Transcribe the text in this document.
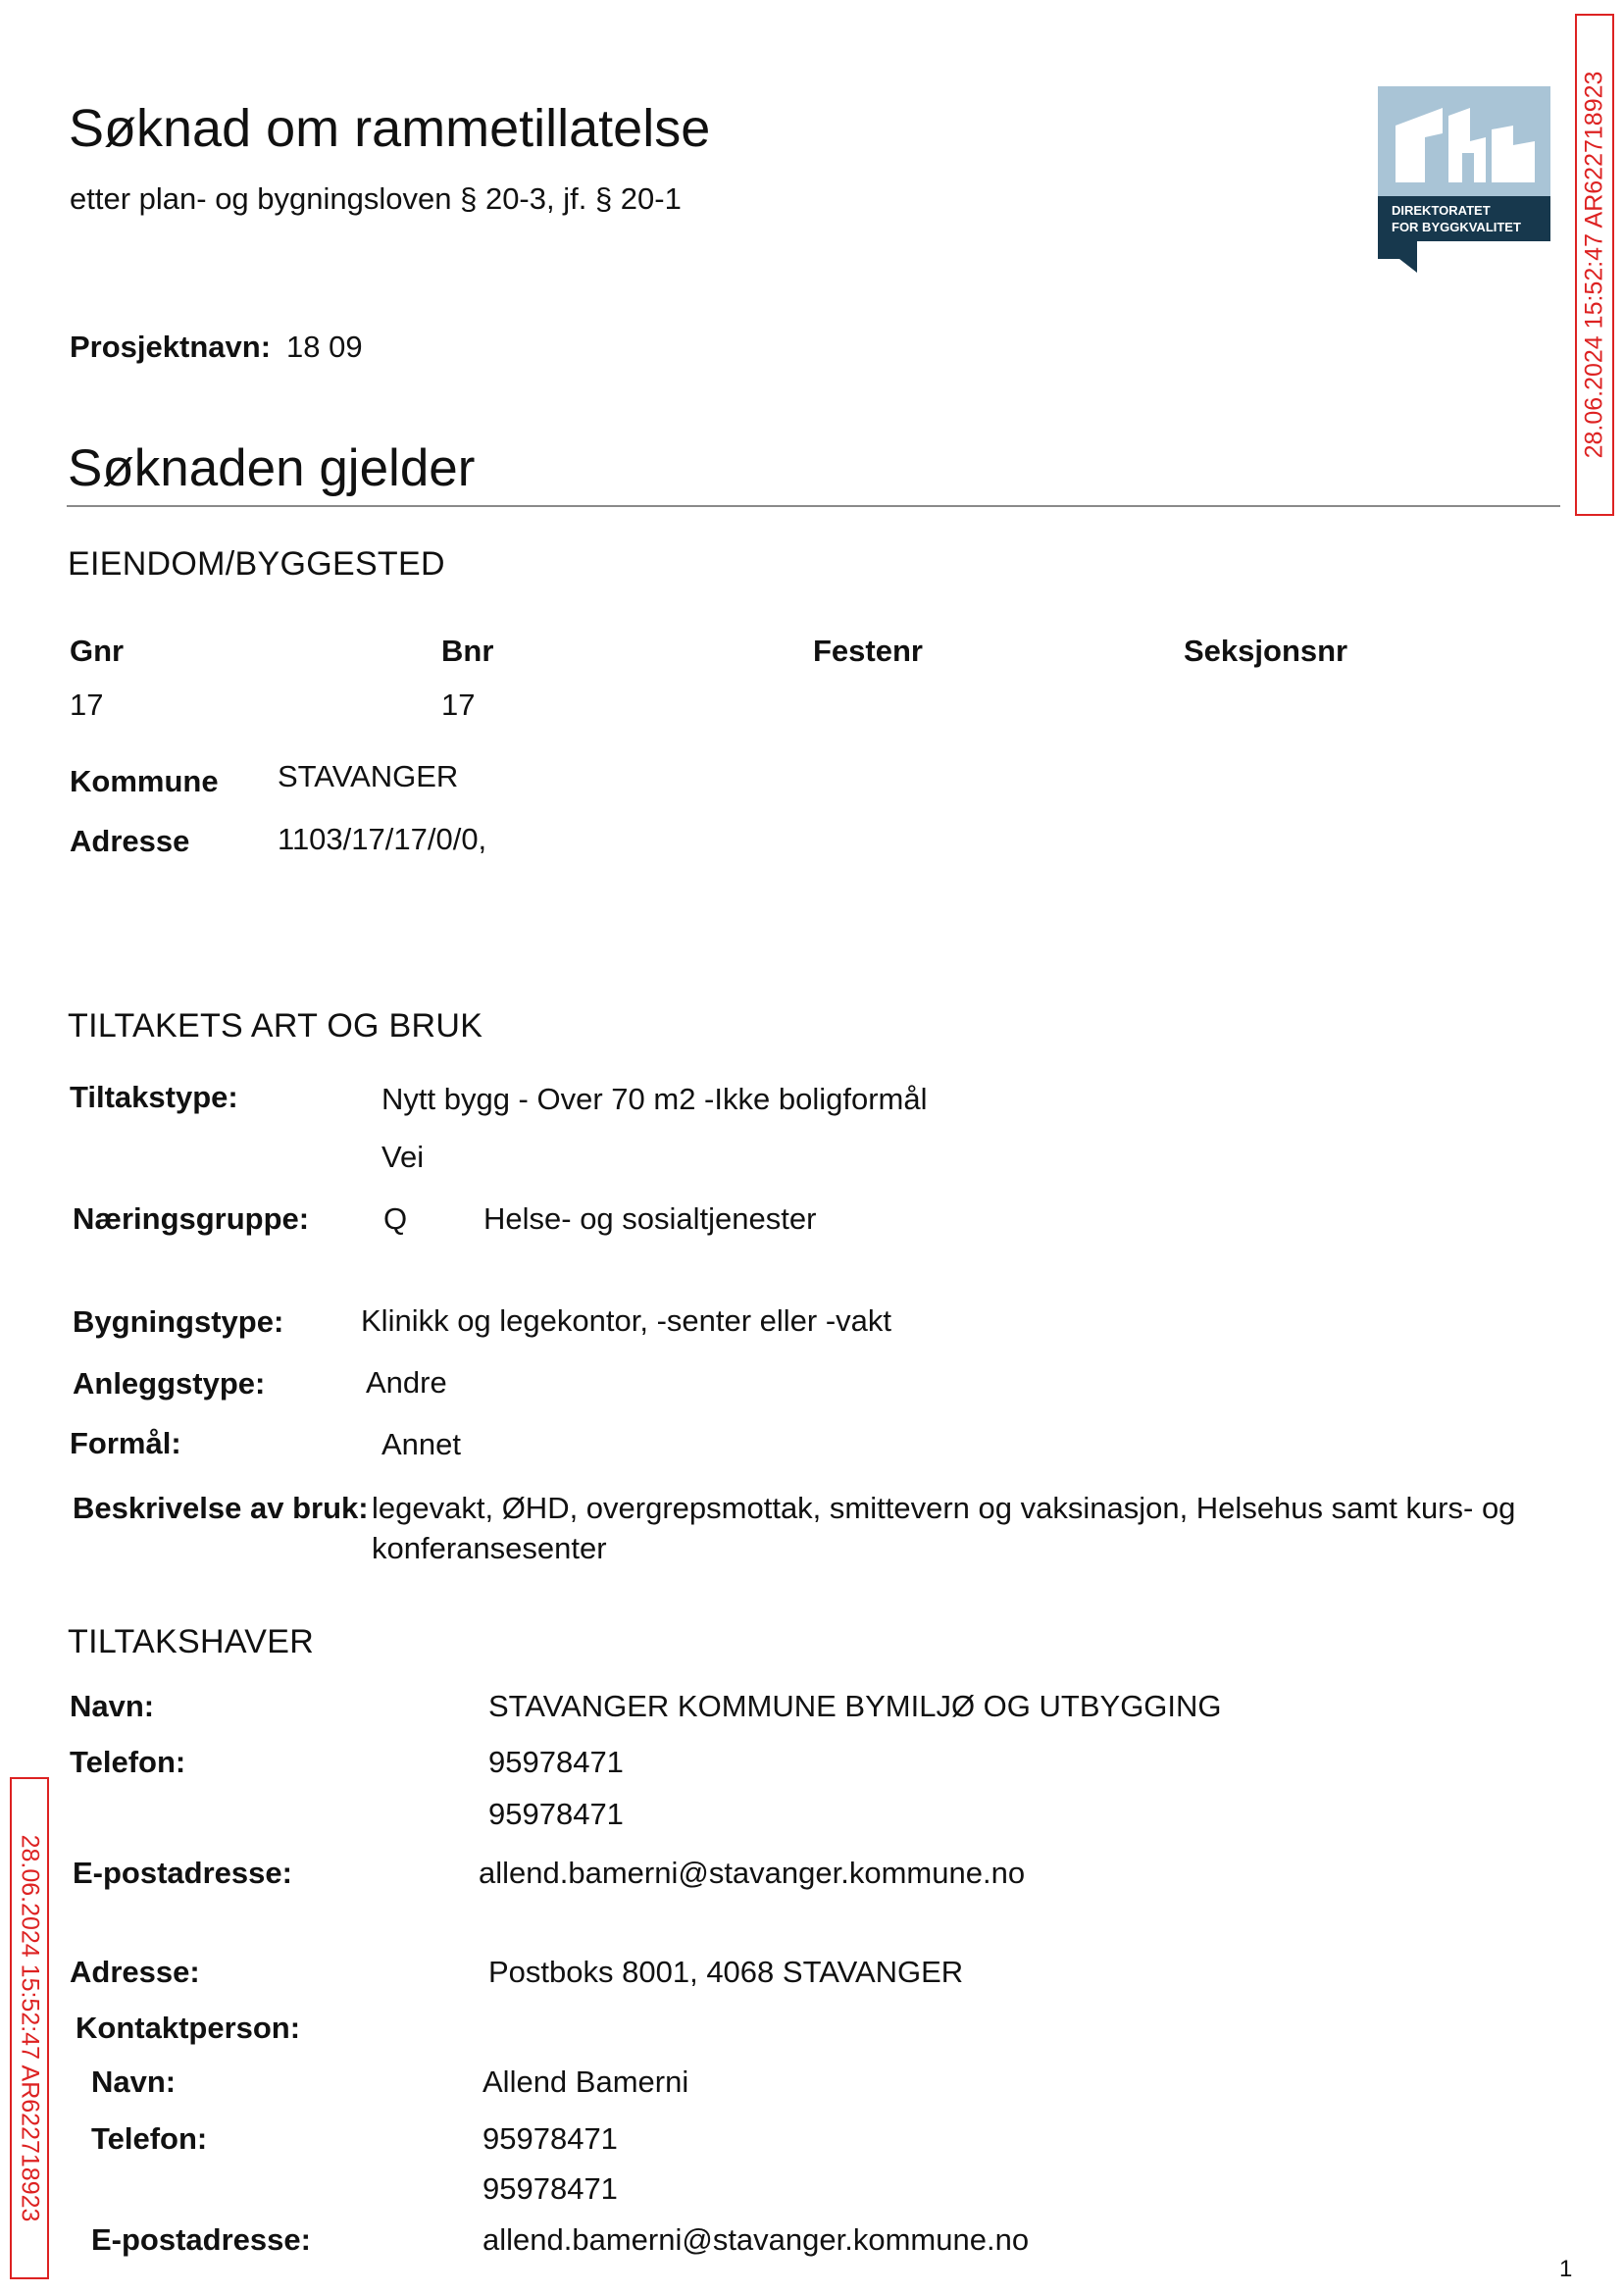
Søknad om rammetillatelse
etter plan- og bygningsloven § 20-3, jf. § 20-1	DIREKTORATET
FOR BYGGKVALITET 28.06.2024 15:52:47 AR622718923
28.06.2024 15:52:47 AR622718923
Prosjektnavn: 18 09
Søknaden gjelder
EIENDOM/BYGGESTED
Gnr	Bnr	Festenr	Seksjonsnr
17	17
Kommune STAVANGER
Adresse	1103/17/17/0/0,
TILTAKETS ART OG BRUK
Tiltakstype:	Nytt bygg - Over 70 m2 -Ikke boligformål
Vei
Næringsgruppe: Q	Helse- og sosialtjenester
Bygningstype:	Klinikk og legekontor, -senter eller -vakt
Anleggstype:	Andre
Formål:	Annet
Beskrivelse av bruk: legevakt, ØHD, overgrepsmottak, smittevern og vaksinasjon, Helsehus samt kurs- og
konferansesenter
TILTAKSHAVER
Navn:	STAVANGER KOMMUNE BYMILJØ OG UTBYGGING
Telefon:	95978471
95978471
E-postadresse:	allend.bamerni@stavanger.kommune.no
Adresse:	Postboks 8001, 4068 STAVANGER
Kontaktperson:
Navn:	Allend Bamerni
Telefon:	95978471
95978471
E-postadresse:	allend.bamerni@stavanger.kommune.no
1
